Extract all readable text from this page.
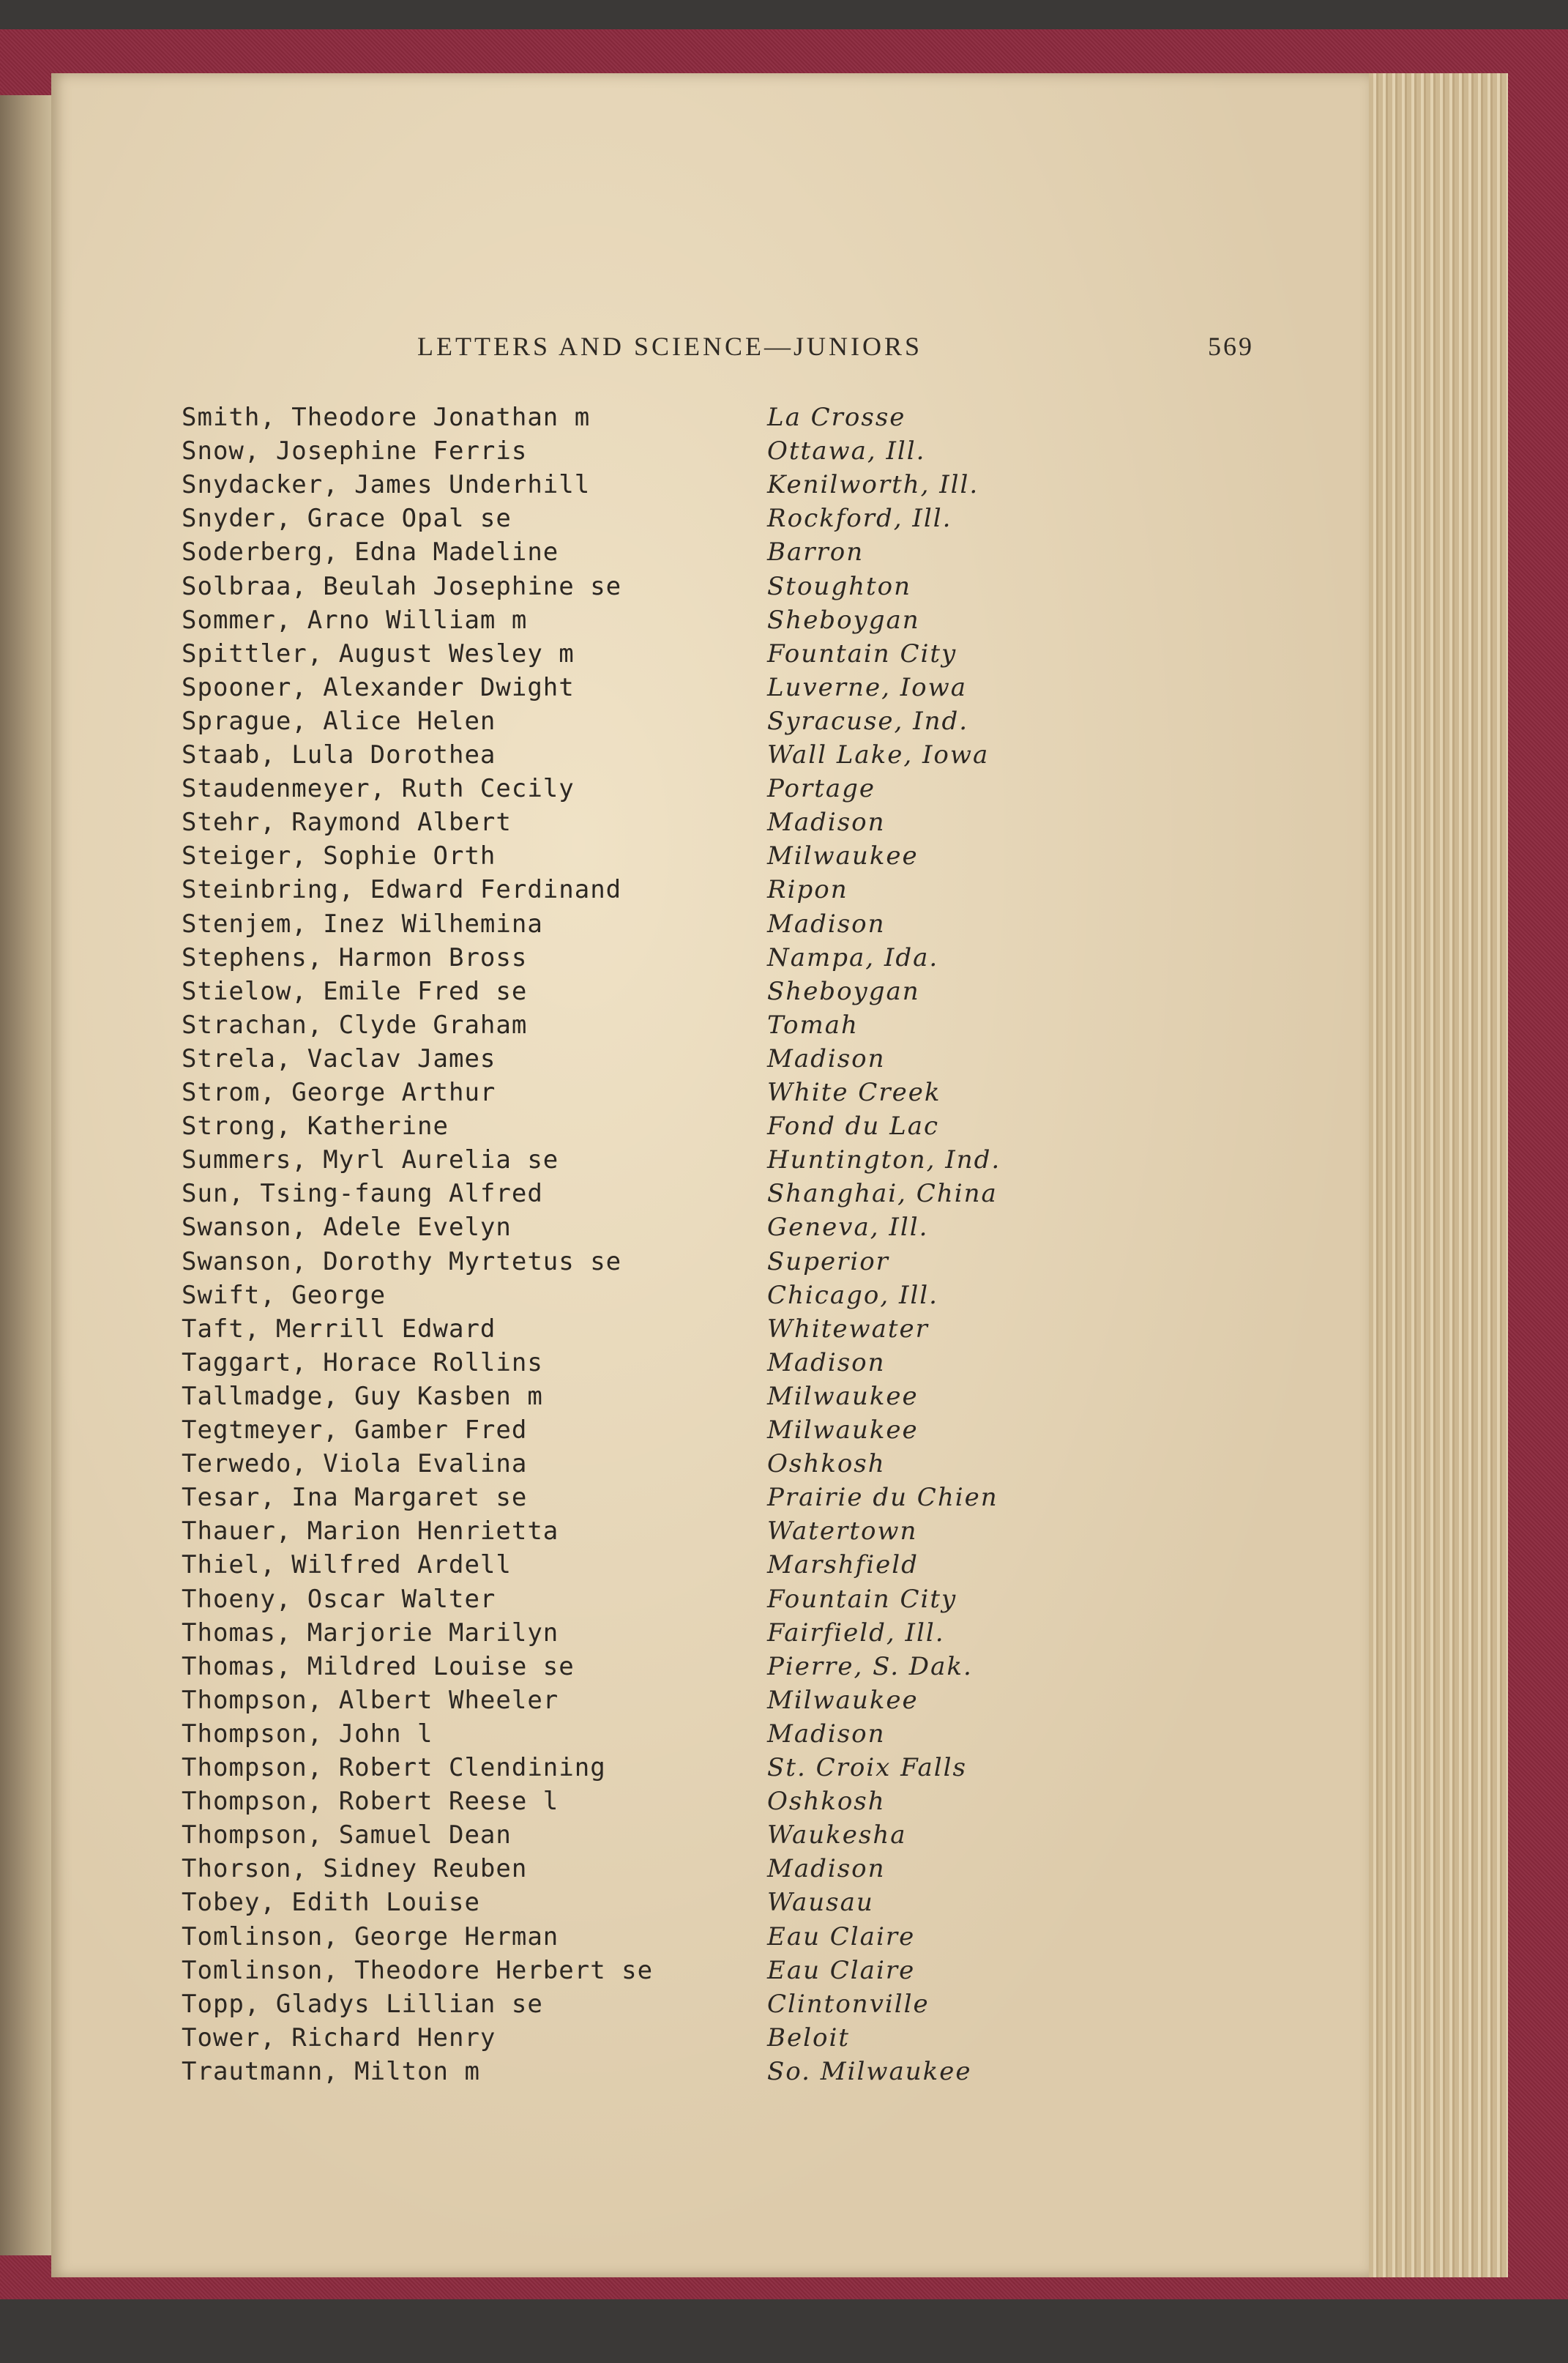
LETTERS AND SCIENCE—JUNIORS	569
Smith, Theodore Jonathan m	La Crosse
Snow, Josephine Ferris	Ottawa, Ill.
Snydacker, James Underhill	Kenilworth, Ill.
Snyder, Grace Opal se	Rockford, Ill.
Soderberg, Edna Madeline	Barron
Solbraa, Beulah Josephine se	Stoughton
Sommer, Arno William m	Sheboygan
Spittler, August Wesley m	Fountain City
Spooner, Alexander Dwight	Luverne, Iowa
Sprague, Alice Helen	Syracuse, Ind.
Staab, Lula Dorothea	Wall Lake, Iowa
Staudenmeyer, Ruth Cecily	Portage
Stehr, Raymond Albert	Madison
Steiger, Sophie Orth	Milwaukee
Steinbring, Edward Ferdinand	Ripon
Stenjem, Inez Wilhemina	Madison
Stephens, Harmon Bross	Nampa, Ida.
Stielow, Emile Fred se	Sheboygan
Strachan, Clyde Graham	Tomah
Strela, Vaclav James	Madison
Strom, George Arthur	White Creek
Strong, Katherine	Fond du Lac
Summers, Myrl Aurelia se	Huntington, Ind.
Sun, Tsing-faung Alfred	Shanghai, China
Swanson, Adele Evelyn	Geneva, Ill.
Swanson, Dorothy Myrtetus se	Superior
Swift, George	Chicago, Ill.
Taft, Merrill Edward	Whitewater
Taggart, Horace Rollins	Madison
Tallmadge, Guy Kasben m	Milwaukee
Tegtmeyer, Gamber Fred	Milwaukee
Terwedo, Viola Evalina	Oshkosh
Tesar, Ina Margaret se	Prairie du Chien
Thauer, Marion Henrietta	Watertown
Thiel, Wilfred Ardell	Marshfield
Thoeny, Oscar Walter	Fountain City
Thomas, Marjorie Marilyn	Fairfield, Ill.
Thomas, Mildred Louise se	Pierre, S. Dak.
Thompson, Albert Wheeler	Milwaukee
Thompson, John l	Madison
Thompson, Robert Clendining	St. Croix Falls
Thompson, Robert Reese l	Oshkosh
Thompson, Samuel Dean	Waukesha
Thorson, Sidney Reuben	Madison
Tobey, Edith Louise	Wausau
Tomlinson, George Herman	Eau Claire
Tomlinson, Theodore Herbert se	Eau Claire
Topp, Gladys Lillian se	Clintonville
Tower, Richard Henry	Beloit
Trautmann, Milton m	So. Milwaukee
